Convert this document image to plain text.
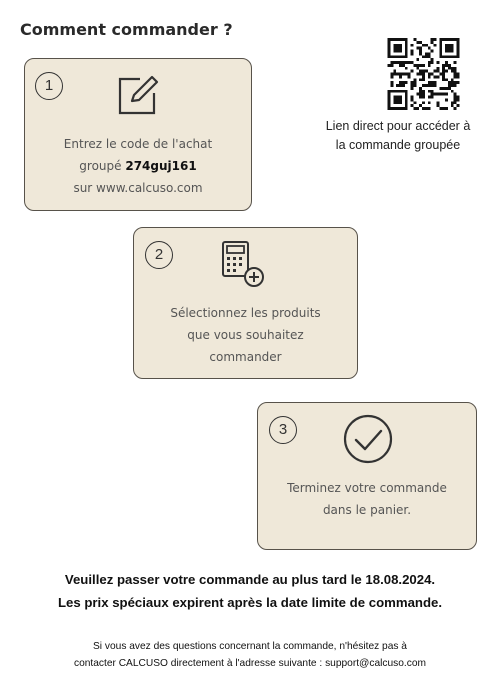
Comment commander ?
Lien direct pour accéder à
la commande groupée
1
Entrez le code de l'achat
groupé 274guj161
sur www.calcuso.com
2
Sélectionnez les produits
que vous souhaitez
commander
3
Terminez votre commande
dans le panier.
Veuillez passer votre commande au plus tard le 18.08.2024.
Les prix spéciaux expirent après la date limite de commande.
Si vous avez des questions concernant la commande, n'hésitez pas à
contacter CALCUSO directement à l'adresse suivante : support@calcuso.com
